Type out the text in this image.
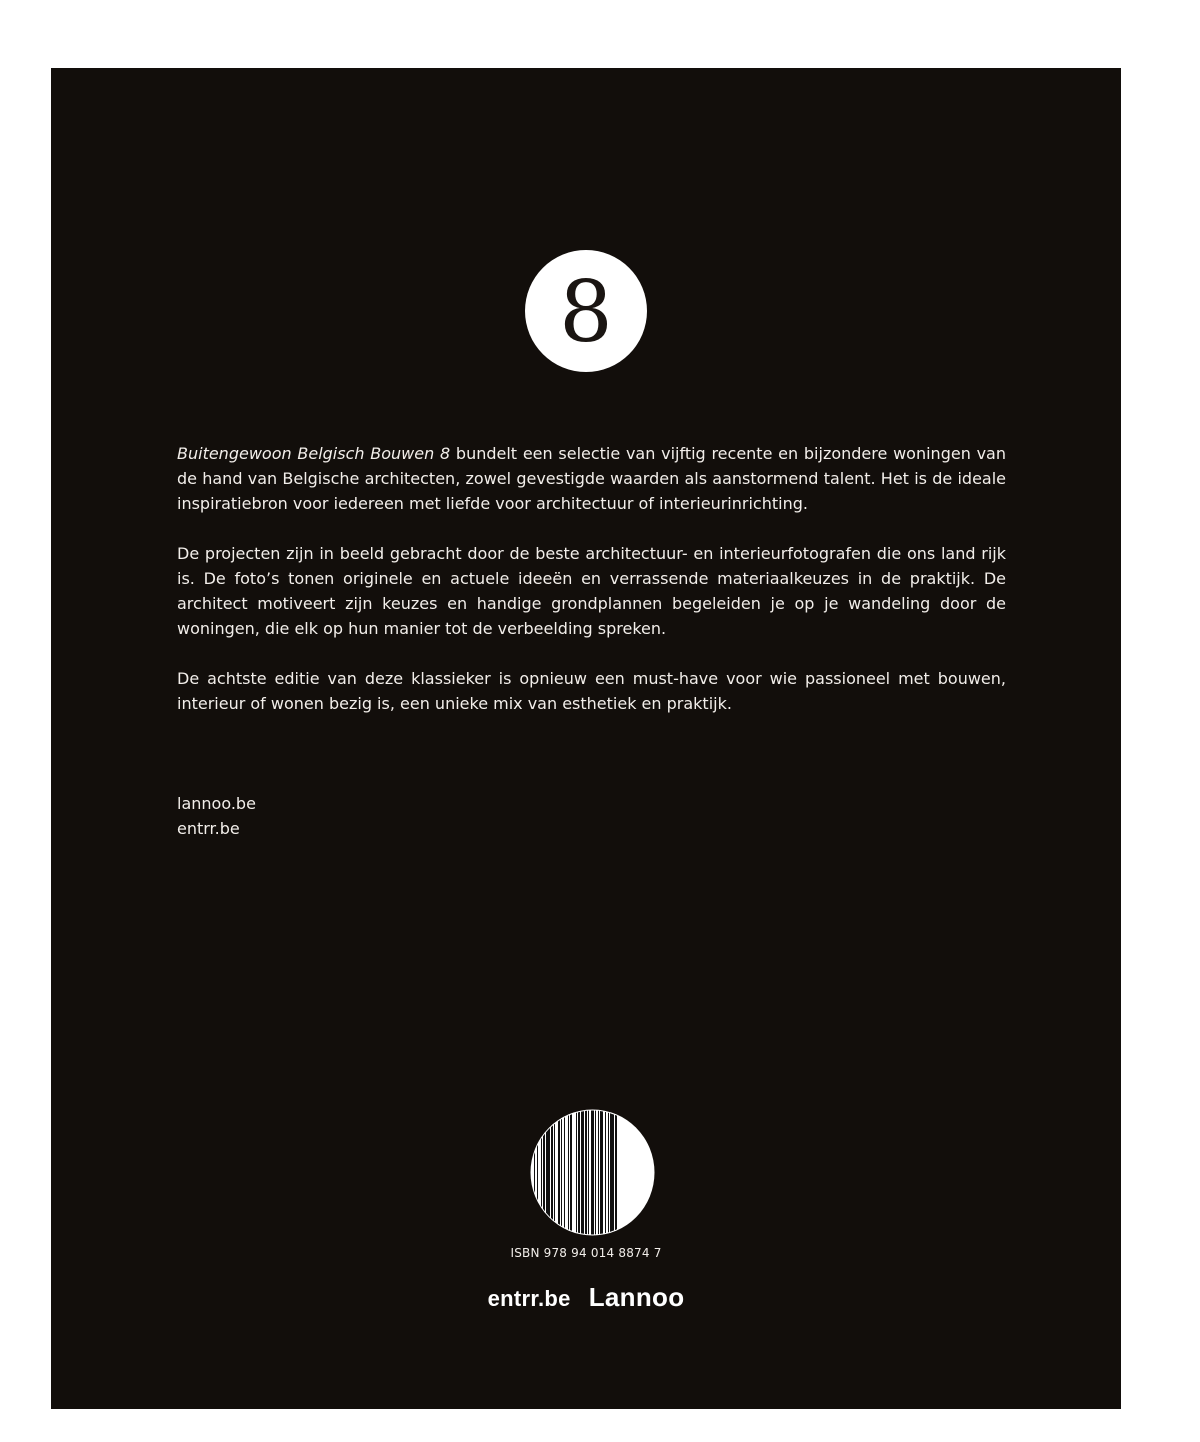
8

Buitengewoon Belgisch Bouwen 8 bundelt een selectie van vijftig recente en bijzondere woningen van de hand van Belgische architecten, zowel gevestigde waarden als aanstormend talent. Het is de ideale inspiratiebron voor iedereen met liefde voor architectuur of interieurinrichting.

De projecten zijn in beeld gebracht door de beste architectuur- en interieurfotografen die ons land rijk is. De foto’s tonen originele en actuele ideeën en verrassende materiaalkeuzes in de praktijk. De architect motiveert zijn keuzes en handige grondplannen begeleiden je op je wandeling door de woningen, die elk op hun manier tot de verbeelding spreken.

De achtste editie van deze klassieker is opnieuw een must-have voor wie passioneel met bouwen, interieur of wonen bezig is, een unieke mix van esthetiek en praktijk.

lannoo.be
entrr.be
ISBN 978 94 014 8874 7
entrr.be Lannoo
